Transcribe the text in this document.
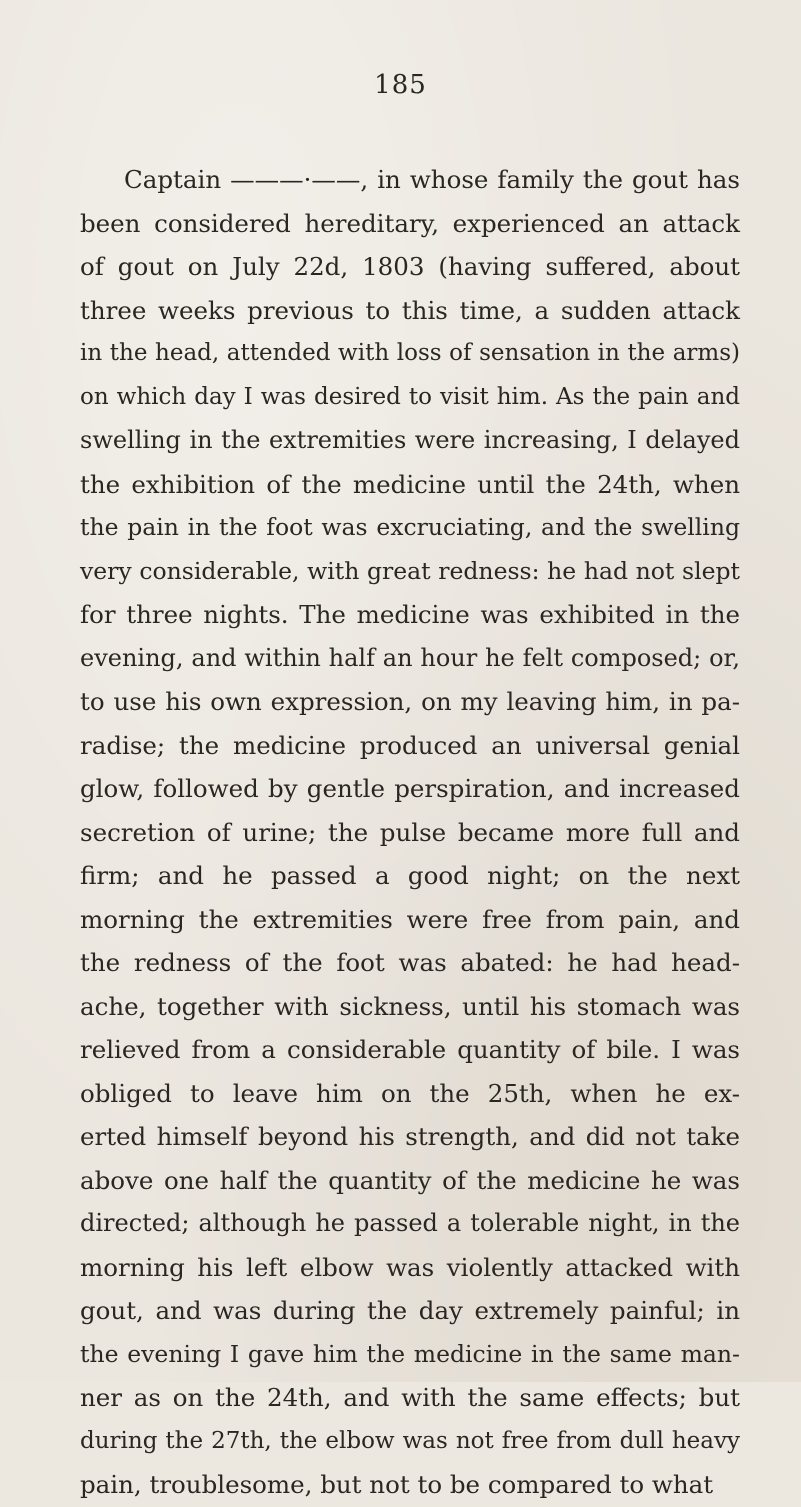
185
Captain ———·——, in whose family the gout has
been considered hereditary, experienced an attack
of gout on July 22d, 1803 (having suffered, about
three weeks previous to this time, a sudden attack
in the head, attended with loss of sensation in the arms)
on which day I was desired to visit him. As the pain and
swelling in the extremities were increasing, I delayed
the exhibition of the medicine until the 24th, when
the pain in the foot was excruciating, and the swelling
very considerable, with great redness: he had not slept
for three nights. The medicine was exhibited in the
evening, and within half an hour he felt composed; or,
to use his own expression, on my leaving him, in pa-
radise; the medicine produced an universal genial
glow, followed by gentle perspiration, and increased
secretion of urine; the pulse became more full and
firm; and he passed a good night; on the next
morning the extremities were free from pain, and
the redness of the foot was abated: he had head-
ache, together with sickness, until his stomach was
relieved from a considerable quantity of bile. I was
obliged to leave him on the 25th, when he ex-
erted himself beyond his strength, and did not take
above one half the quantity of the medicine he was
directed; although he passed a tolerable night, in the
morning his left elbow was violently attacked with
gout, and was during the day extremely painful; in
the evening I gave him the medicine in the same man-
ner as on the 24th, and with the same effects; but
during the 27th, the elbow was not free from dull heavy
pain, troublesome, but not to be compared to what
